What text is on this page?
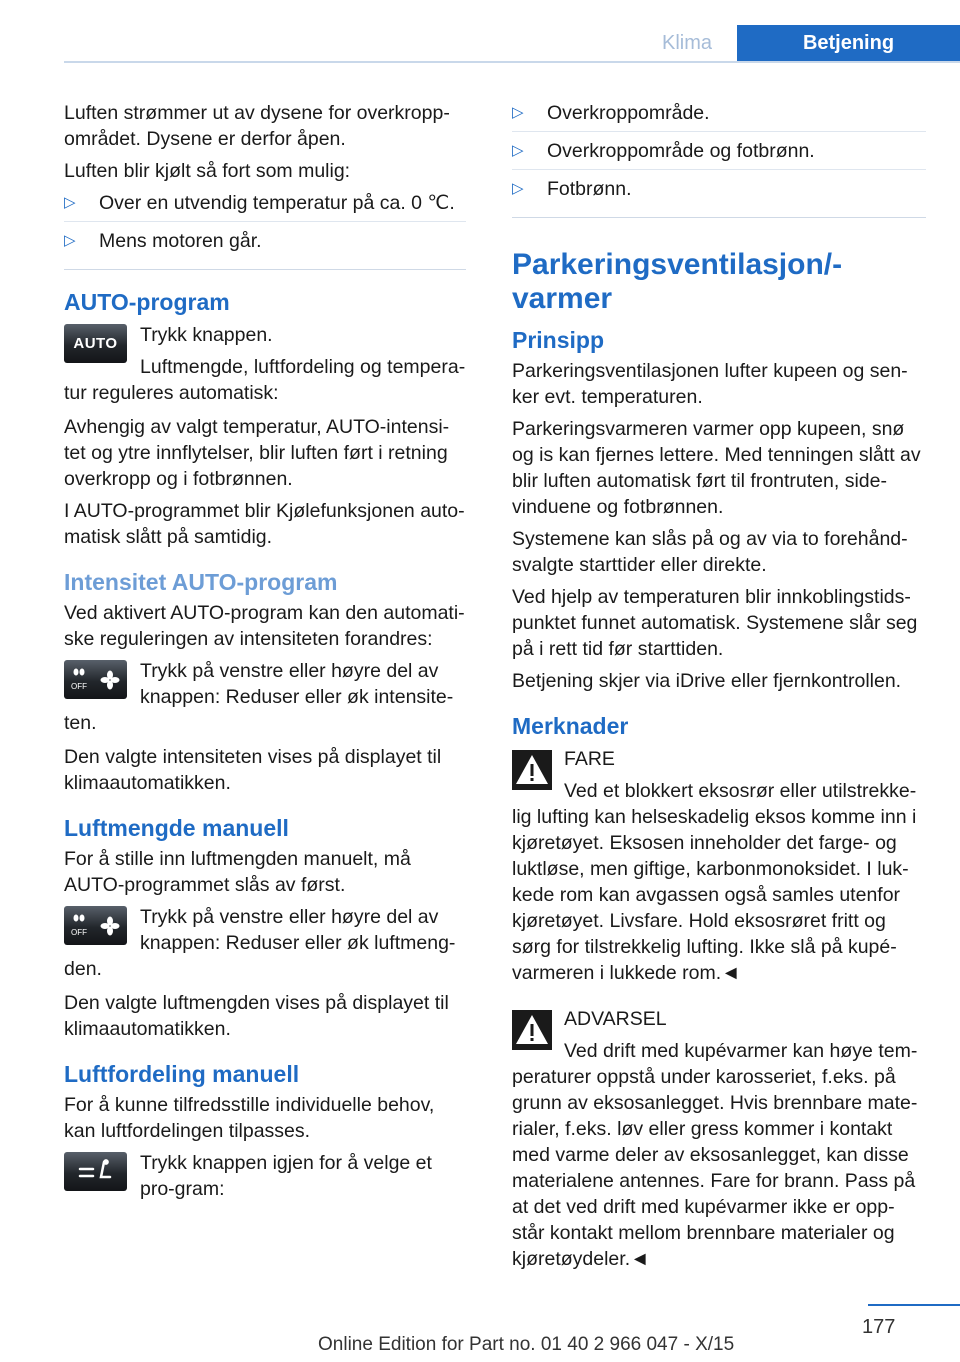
Klima	Betjening

Luften strømmer ut av dysene for overkropp-området. Dysene er derfor åpen.

Luften blir kjølt så fort som mulig:

▷ Over en utvendig temperatur på ca. 0 ℃.
▷ Mens motoren går.
AUTO-program
AUTO	Trykk knappen.

Luftmengde, luftfordeling og tempera-tur reguleres automatisk:

Avhengig av valgt temperatur, AUTO-intensi-tet og ytre innflytelser, blir luften ført i retning overkropp og i fotbrønnen.

I AUTO-programmet blir Kjølefunksjonen auto-matisk slått på samtidig.

Intensitet AUTO-program

Ved aktivert AUTO-program kan den automati-ske reguleringen av intensiteten forandres:

OFF

Trykk på venstre eller høyre del av knappen: Reduser eller øk intensite-ten.

Den valgte intensiteten vises på displayet til klimaautomatikken.

Luftmengde manuell

For å stille inn luftmengden manuelt, må AUTO-programmet slås av først.

OFF

Trykk på venstre eller høyre del av knappen: Reduser eller øk luftmeng-den.

Den valgte luftmengden vises på displayet til klimaautomatikken.

Luftfordeling manuell

For å kunne tilfredsstille individuelle behov, kan luftfordelingen tilpasses.

Trykk knappen igjen for å velge et pro-gram:

▷ Overkroppområde.
▷ Overkroppområde og fotbrønn.
▷ Fotbrønn.
Parkeringsventilasjon/-varmer
Prinsipp

Parkeringsventilasjonen lufter kupeen og sen-ker evt. temperaturen.

Parkeringsvarmeren varmer opp kupeen, snø og is kan fjernes lettere. Med tenningen slått av blir luften automatisk ført til frontruten, side-vinduene og fotbrønnen.

Systemene kan slås på og av via to forehånd-svalgte starttider eller direkte.

Ved hjelp av temperaturen blir innkoblingstids-punktet funnet automatisk. Systemene slår seg på i rett tid før starttiden.

Betjening skjer via iDrive eller fjernkontrollen.

Merknader

FARE

Ved et blokkert eksosrør eller utilstrekke-lig lufting kan helseskadelig eksos komme inn i kjøretøyet. Eksosen inneholder det farge- og luktløse, men giftige, karbonmonoksidet. I luk-kede rom kan avgassen også samles utenfor kjøretøyet. Livsfare. Hold eksosrøret fritt og sørg for tilstrekkelig lufting. Ikke slå på kupé-varmeren i lukkede rom.◄

ADVARSEL

Ved drift med kupévarmer kan høye tem-peraturer oppstå under karosseriet, f.eks. på grunn av eksosanlegget. Hvis brennbare mate-rialer, f.eks. løv eller gress kommer i kontakt med varme deler av eksosanlegget, kan disse materialene antennes. Fare for brann. Pass på at det ved drift med kupévarmer ikke er opp-står kontakt mellom brennbare materialer og kjøretøydeler.◄

177
Online Edition for Part no. 01 40 2 966 047 - X/15
